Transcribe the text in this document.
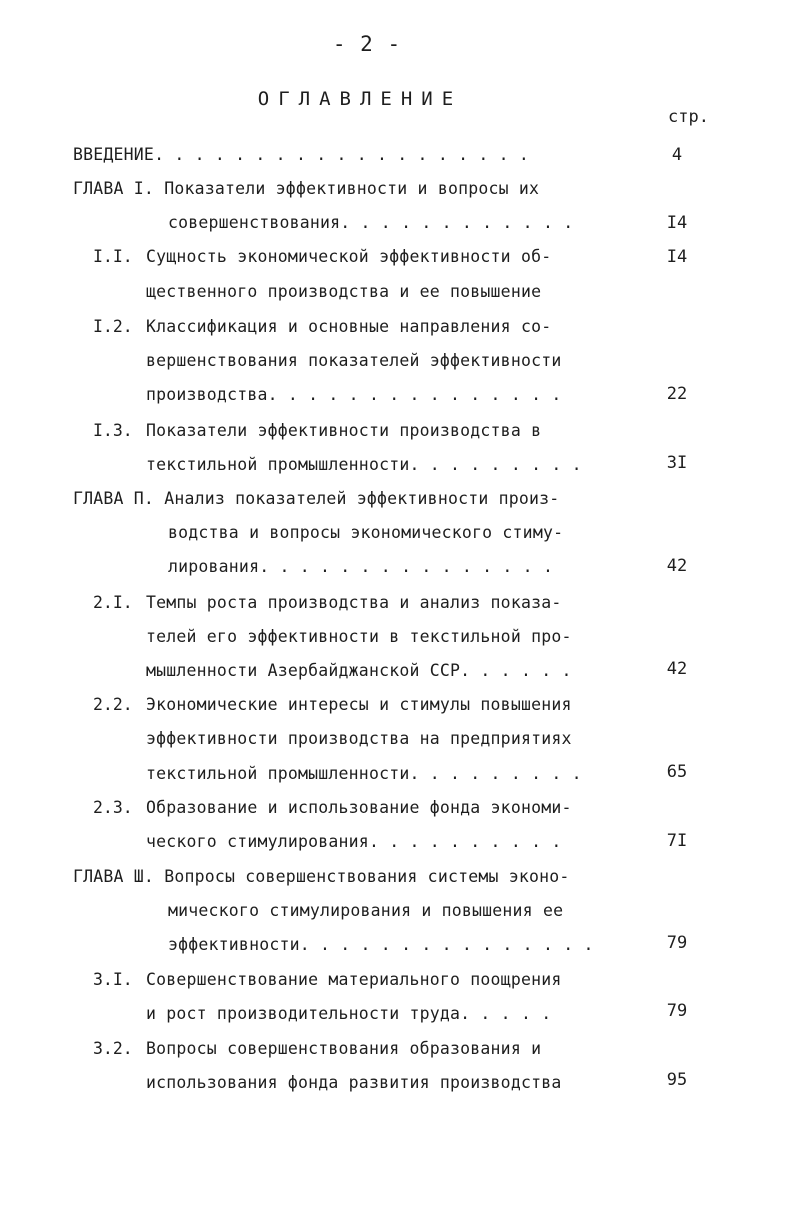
- 2 -
ОГЛАВЛЕНИЕ
стр.
ВВЕДЕНИЕ. . . . . . . . . . . . . . . . . . .	4
ГЛАВА I. Показатели эффективности и вопросы их
совершенствования. . . . . . . . . . . .	I4
I.I. Сущность экономической эффективности об-	I4
щественного производства и ее повышение
I.2. Классификация и основные направления со-
вершенствования показателей эффективности
производства. . . . . . . . . . . . . . .	22
I.3. Показатели эффективности производства в
текстильной промышленности. . . . . . . . .	3I
ГЛАВА П. Анализ показателей эффективности произ-
водства и вопросы экономического стиму-
лирования. . . . . . . . . . . . . . .	42
2.I. Темпы роста производства и анализ показа-
телей его эффективности в текстильной про-
мышленности Азербайджанской ССР. . . . . .	42
2.2. Экономические интересы и стимулы повышения
эффективности производства на предприятиях
текстильной промышленности. . . . . . . . .	65
2.3. Образование и использование фонда экономи-
ческого стимулирования. . . . . . . . . .	7I
ГЛАВА Ш. Вопросы совершенствования системы эконо-
мического стимулирования и повышения ее
эффективности. . . . . . . . . . . . . . .	79
3.I. Совершенствование материального поощрения
и рост производительности труда. . . . .	79
3.2. Вопросы совершенствования образования и
использования фонда развития производства	95
